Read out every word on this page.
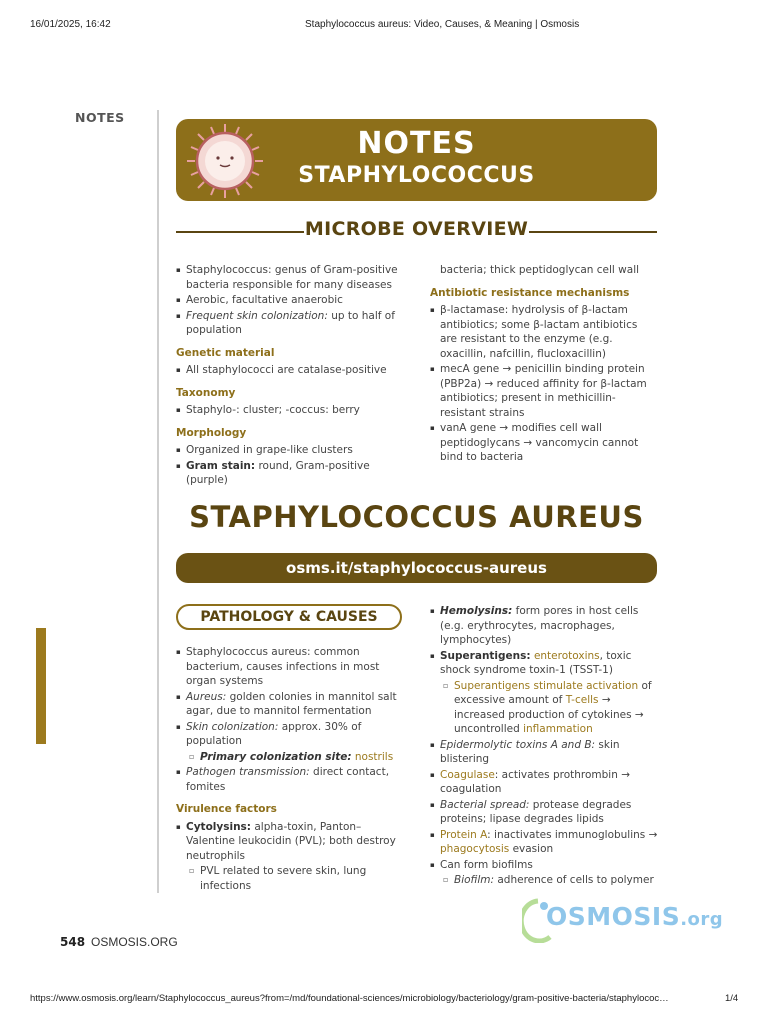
16/01/2025, 16:42	Staphylococcus aureus: Video, Causes, & Meaning | Osmosis
NOTES
NOTES
STAPHYLOCOCCUS
MICROBE OVERVIEW
▪ Staphylococcus: genus of Gram-positive bacteria responsible for many diseases
▪ Aerobic, facultative anaerobic
▪ Frequent skin colonization: up to half of population
Genetic material
▪ All staphylococci are catalase-positive
Taxonomy
▪ Staphylo-: cluster; -coccus: berry
Morphology
▪ Organized in grape-like clusters
▪ Gram stain: round, Gram-positive (purple)
bacteria; thick peptidoglycan cell wall
Antibiotic resistance mechanisms
▪ β-lactamase: hydrolysis of β-lactam antibiotics; some β-lactam antibiotics are resistant to the enzyme (e.g. oxacillin, nafcillin, flucloxacillin)
▪ mecA gene → penicillin binding protein (PBP2a) → reduced affinity for β-lactam antibiotics; present in methicillin-resistant strains
▪ vanA gene → modifies cell wall peptidoglycans → vancomycin cannot bind to bacteria
STAPHYLOCOCCUS AUREUS
osms.it/staphylococcus-aureus
PATHOLOGY & CAUSES
▪ Staphylococcus aureus: common bacterium, causes infections in most organ systems
▪ Aureus: golden colonies in mannitol salt agar, due to mannitol fermentation
▪ Skin colonization: approx. 30% of population
▫ Primary colonization site: nostrils
▪ Pathogen transmission: direct contact, fomites
Virulence factors
▪ Cytolysins: alpha-toxin, Panton–Valentine leukocidin (PVL); both destroy neutrophils
▫ PVL related to severe skin, lung infections
▪ Hemolysins: form pores in host cells (e.g. erythrocytes, macrophages, lymphocytes)
▪ Superantigens: enterotoxins, toxic shock syndrome toxin-1 (TSST-1)
▫ Superantigens stimulate activation of excessive amount of T-cells → increased production of cytokines → uncontrolled inflammation
▪ Epidermolytic toxins A and B: skin blistering
▪ Coagulase: activates prothrombin → coagulation
▪ Bacterial spread: protease degrades proteins; lipase degrades lipids
▪ Protein A: inactivates immunoglobulins → phagocytosis evasion
▪ Can form biofilms
▫ Biofilm: adherence of cells to polymer
OSMOSIS.org
548 OSMOSIS.ORG
https://www.osmosis.org/learn/Staphylococcus_aureus?from=/md/foundational-sciences/microbiology/bacteriology/gram-positive-bacteria/staphylococ…	1/4
